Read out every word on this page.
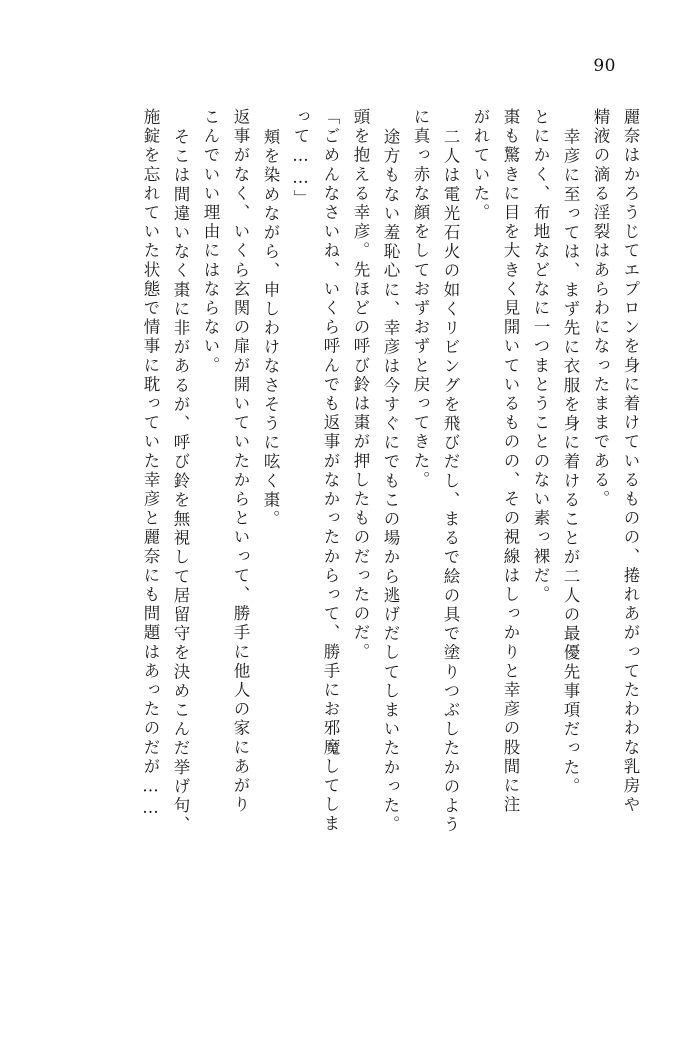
90
麗奈はかろうじてエプロンを身に着けているものの、捲れあがってたわわな乳房や
精液の滴る淫裂はあらわになったままである。
幸彦に至っては、まず先に衣服を身に着けることが二人の最優先事項だった。
とにかく、布地などなに一つまとうことのない素っ裸だ。
棗も驚きに目を大きく見開いているものの、その視線はしっかりと幸彦の股間に注
がれていた。
二人は電光石火の如くリビングを飛びだし、まるで絵の具で塗りつぶしたかのよう
に真っ赤な顔をしておずおずと戻ってきた。
途方もない羞恥心に、幸彦は今すぐにでもこの場から逃げだしてしまいたかった。
頭を抱える幸彦。先ほどの呼び鈴は棗が押したものだったのだ。
「ごめんなさいね、いくら呼んでも返事がなかったからって、勝手にお邪魔してしま
って……」
頬を染めながら、申しわけなさそうに呟く棗。
返事がなく、いくら玄関の扉が開いていたからといって、勝手に他人の家にあがり
こんでいい理由にはならない。
そこは間違いなく棗に非があるが、呼び鈴を無視して居留守を決めこんだ挙げ句、
施錠を忘れていた状態で情事に耽っていた幸彦と麗奈にも問題はあったのだが……
